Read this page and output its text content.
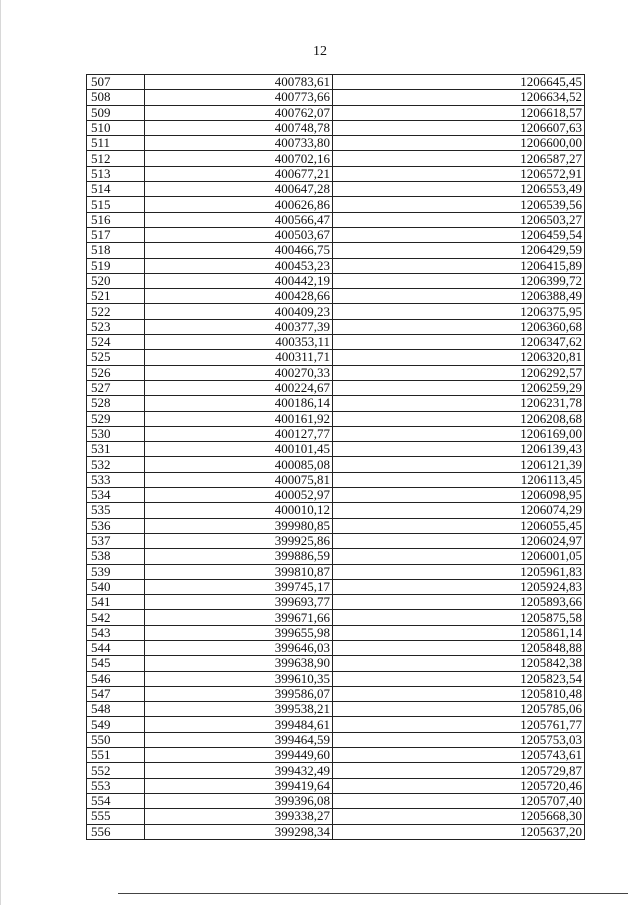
12
507	400783,61	1206645,45
508	400773,66	1206634,52
509	400762,07	1206618,57
510	400748,78	1206607,63
511	400733,80	1206600,00
512	400702,16	1206587,27
513	400677,21	1206572,91
514	400647,28	1206553,49
515	400626,86	1206539,56
516	400566,47	1206503,27
517	400503,67	1206459,54
518	400466,75	1206429,59
519	400453,23	1206415,89
520	400442,19	1206399,72
521	400428,66	1206388,49
522	400409,23	1206375,95
523	400377,39	1206360,68
524	400353,11	1206347,62
525	400311,71	1206320,81
526	400270,33	1206292,57
527	400224,67	1206259,29
528	400186,14	1206231,78
529	400161,92	1206208,68
530	400127,77	1206169,00
531	400101,45	1206139,43
532	400085,08	1206121,39
533	400075,81	1206113,45
534	400052,97	1206098,95
535	400010,12	1206074,29
536	399980,85	1206055,45
537	399925,86	1206024,97
538	399886,59	1206001,05
539	399810,87	1205961,83
540	399745,17	1205924,83
541	399693,77	1205893,66
542	399671,66	1205875,58
543	399655,98	1205861,14
544	399646,03	1205848,88
545	399638,90	1205842,38
546	399610,35	1205823,54
547	399586,07	1205810,48
548	399538,21	1205785,06
549	399484,61	1205761,77
550	399464,59	1205753,03
551	399449,60	1205743,61
552	399432,49	1205729,87
553	399419,64	1205720,46
554	399396,08	1205707,40
555	399338,27	1205668,30
556	399298,34	1205637,20
